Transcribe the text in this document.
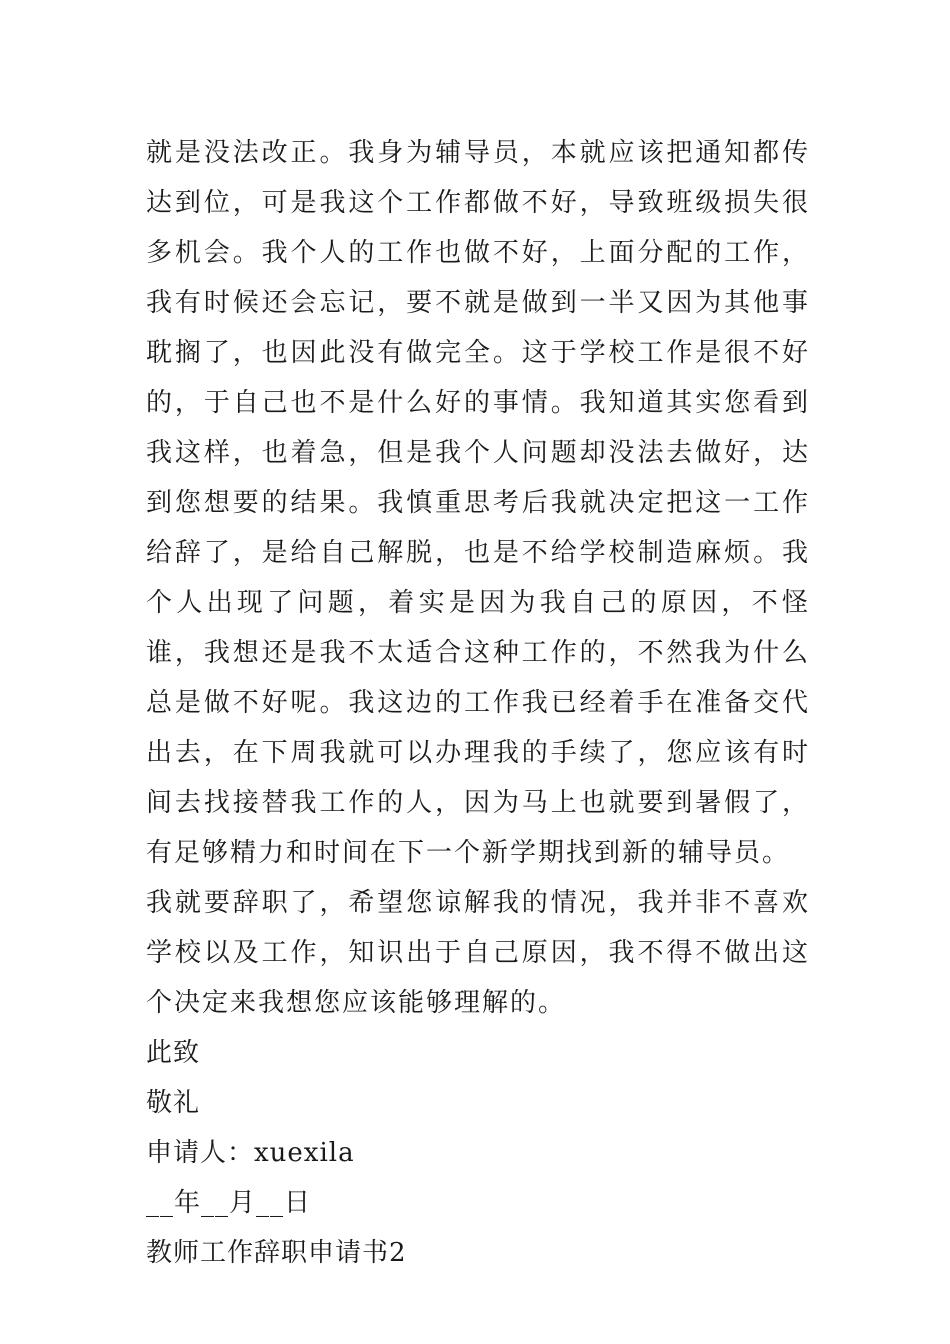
就是没法改正。我身为辅导员，本就应该把通知都传达到位，可是我这个工作都做不好，导致班级损失很多机会。我个人的工作也做不好，上面分配的工作，我有时候还会忘记，要不就是做到一半又因为其他事耽搁了，也因此没有做完全。这于学校工作是很不好的，于自己也不是什么好的事情。我知道其实您看到我这样，也着急，但是我个人问题却没法去做好，达到您想要的结果。我慎重思考后我就决定把这一工作给辞了，是给自己解脱，也是不给学校制造麻烦。我个人出现了问题，着实是因为我自己的原因，不怪谁，我想还是我不太适合这种工作的，不然我为什么总是做不好呢。我这边的工作我已经着手在准备交代出去，在下周我就可以办理我的手续了，您应该有时间去找接替我工作的人，因为马上也就要到暑假了，有足够精力和时间在下一个新学期找到新的辅导员。

我就要辞职了，希望您谅解我的情况，我并非不喜欢学校以及工作，知识出于自己原因，我不得不做出这个决定来我想您应该能够理解的。

此致

敬礼

申请人：xuexila

__年__月__日

教师工作辞职申请书2
